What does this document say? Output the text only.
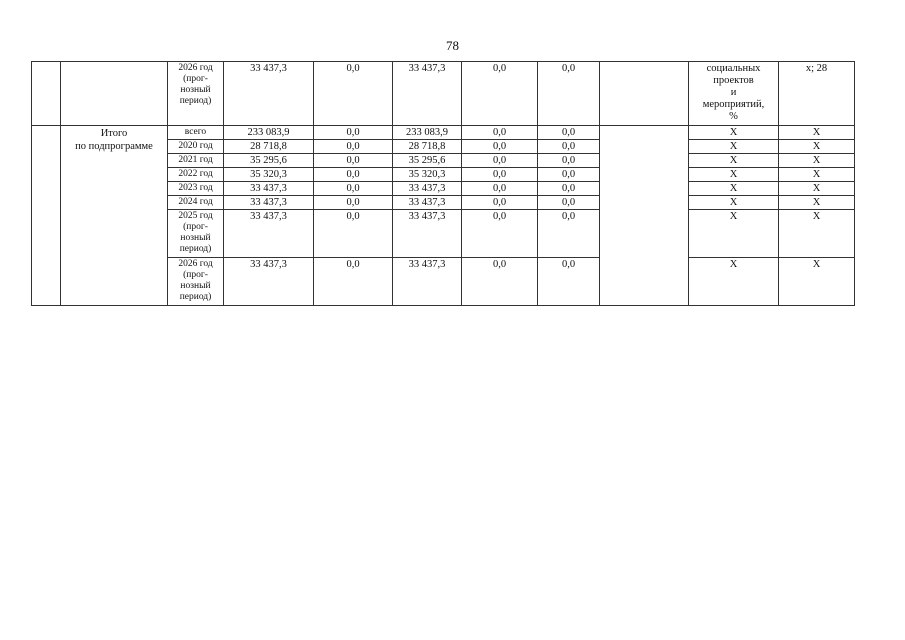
78

		2026 год
(прог-
нозный
период)	33 437,3	0,0	33 437,3	0,0	0,0		социальных
проектов
и
мероприятий,
%	x; 28

	Итого
по подпрограмме	всего	233 083,9	0,0	233 083,9	0,0	0,0		X	X
		2020 год	28 718,8	0,0	28 718,8	0,0	0,0		X	X
		2021 год	35 295,6	0,0	35 295,6	0,0	0,0		X	X
		2022 год	35 320,3	0,0	35 320,3	0,0	0,0		X	X
		2023 год	33 437,3	0,0	33 437,3	0,0	0,0		X	X
		2024 год	33 437,3	0,0	33 437,3	0,0	0,0		X	X

		2025 год
(прог-
нозный
период)	33 437,3	0,0	33 437,3	0,0	0,0		X	X

		2026 год
(прог-
нозный
период)	33 437,3	0,0	33 437,3	0,0	0,0		X	X
